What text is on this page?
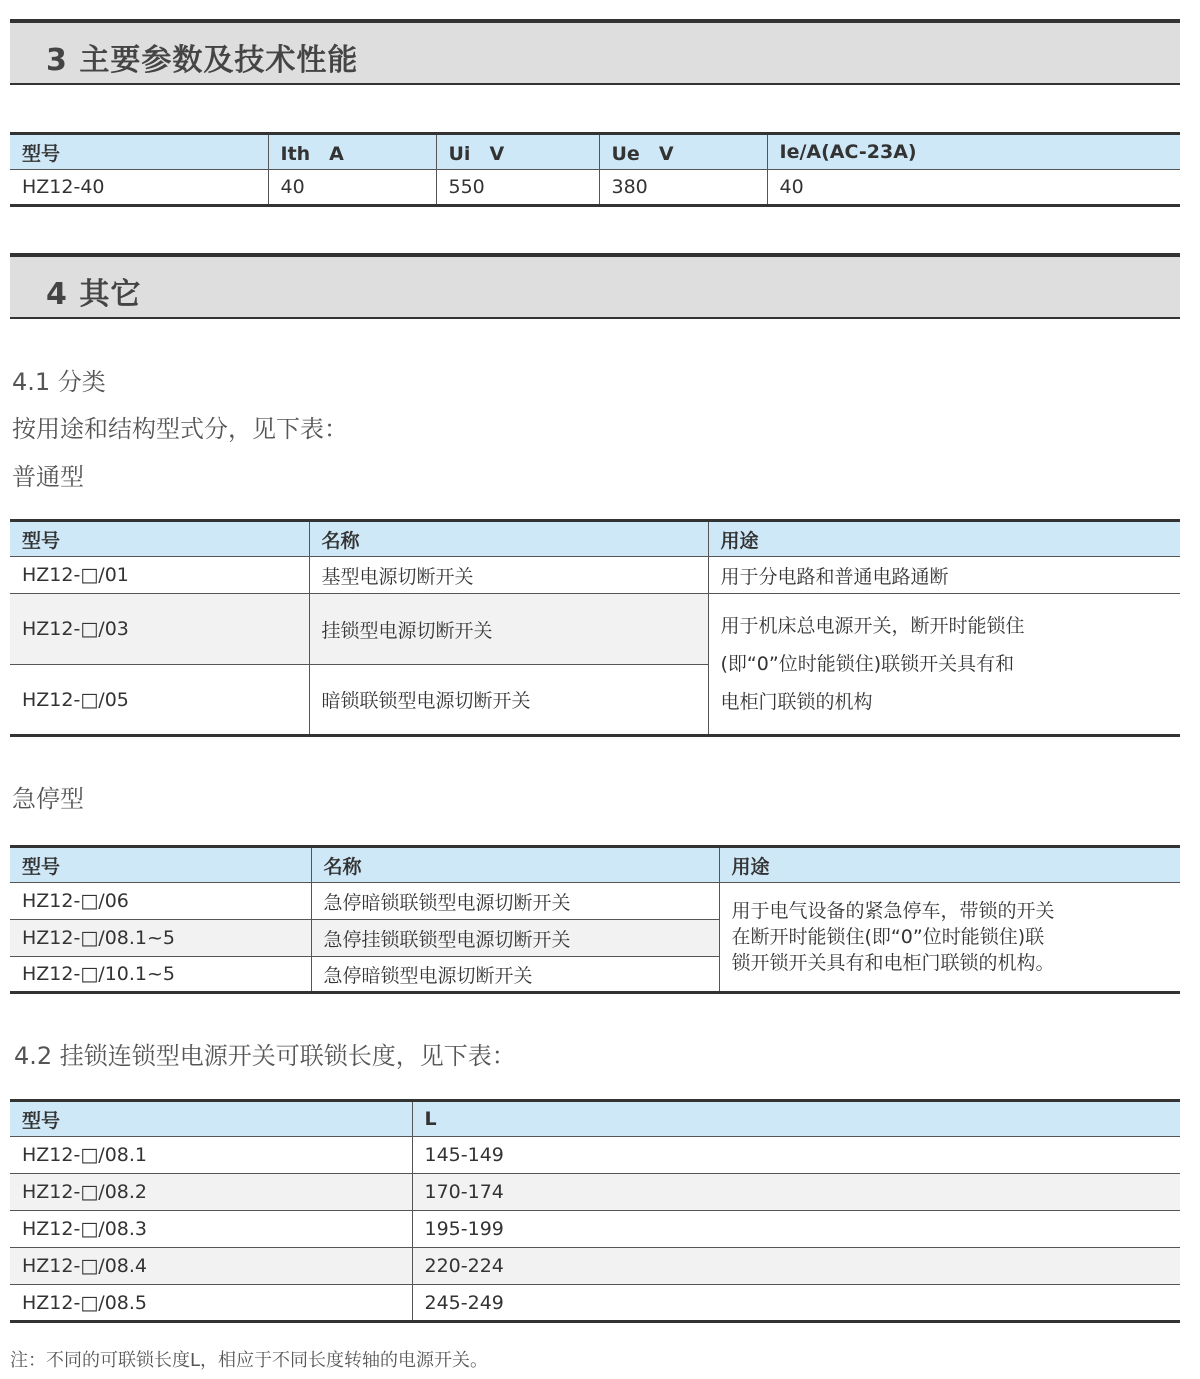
3 主要参数及技术性能
型号	Ith　A	Ui　V	Ue　V	Ie/A(AC-23A)
HZ12-40	40	550	380	40
4 其它
4.1 分类
按用途和结构型式分，见下表：
普通型
型号	名称	用途
HZ12-□/01	基型电源切断开关	用于分电路和普通电路通断
HZ12-□/03	挂锁型电源切断开关	用于机床总电源开关，断开时能锁住
(即“0”位时能锁住)联锁开关具有和
电柜门联锁的机构

HZ12-□/05	暗锁联锁型电源切断开关	
急停型
型号	名称	用途
HZ12-□/06	急停暗锁联锁型电源切断开关	用于电气设备的紧急停车，带锁的开关
在断开时能锁住(即“0”位时能锁住)联
锁开锁开关具有和电柜门联锁的机构。

HZ12-□/08.1~5	急停挂锁联锁型电源切断开关	
HZ12-□/10.1~5	急停暗锁型电源切断开关	
4.2 挂锁连锁型电源开关可联锁长度，见下表：
型号	L
HZ12-□/08.1	145-149
HZ12-□/08.2	170-174
HZ12-□/08.3	195-199
HZ12-□/08.4	220-224
HZ12-□/08.5	245-249
注：不同的可联锁长度L，相应于不同长度转轴的电源开关。
